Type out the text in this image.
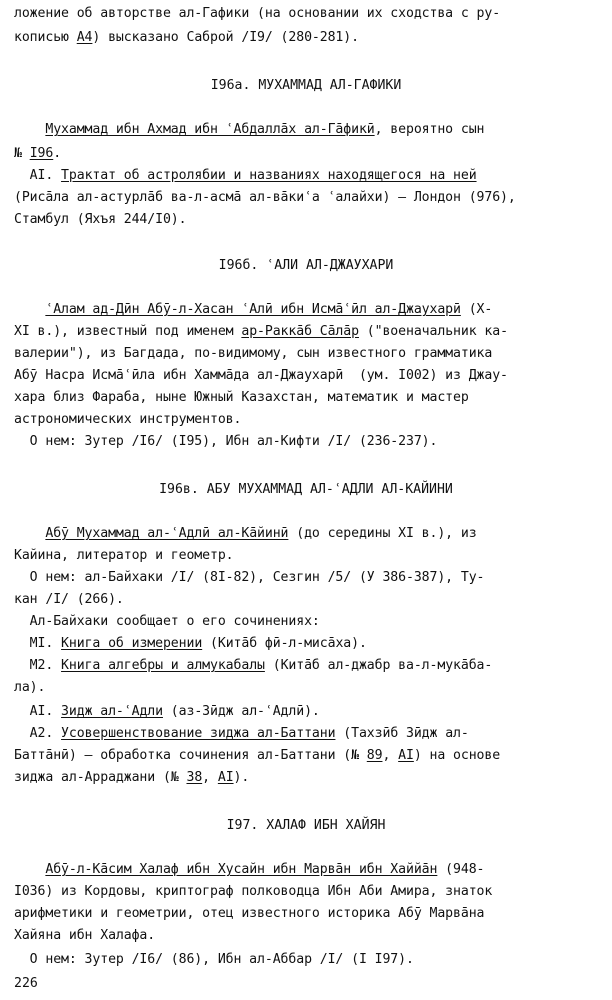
ложение об авторстве ал-Гафики (на основании их сходства с ру-
кописью А4) высказано Саброй /I9/ (280-281).
I96а. МУХАММАД АЛ-ГАФИКИ
Мухаммад ибн Ахмад ибн ʿАбдаллāх ал-Гāфикӣ, вероятно сын
№ I96.
AI. Трактат об астролябии и названиях находящегося на ней
(Рисāла ал-астурлāб ва-л-асмā ал-вāкиʿа ʿалайхи) – Лондон (976),
Стамбул (Яхъя 244/I0).
I96б. ʿАЛИ АЛ-ДЖАУХАРИ
ʿАлам ад-Дӣн Абӯ-л-Хасан ʿАлӣ ибн Исмāʿӣл ал-Джаухарӣ (X-
XI в.), известный под именем ар-Раккāб Сāлāр ("военачальник ка-
валерии"), из Багдада, по-видимому, сын известного грамматика
Абӯ Насра Исмāʿӣла ибн Хаммāда ал-Джаухарӣ  (ум. I002) из Джау-
хара близ Фараба, ныне Южный Казахстан, математик и мастер
астрономических инструментов.
О нем: Зутер /I6/ (I95), Ибн ал-Кифти /I/ (236-237).
I96в. АБУ МУХАММАД АЛ-ʿАДЛИ АЛ-КАЙИНИ
Абӯ Мухаммад ал-ʿАдлӣ ал-Кāйинӣ (до середины XI в.), из
Кайина, литератор и геометр.
О нем: ал-Байхаки /I/ (8I-82), Сезгин /5/ (У 386-387), Ту-
кан /I/ (266).
Ал-Байхаки сообщает о его сочинениях:
MI. Книга об измерении (Китāб фӣ-л-мисāха).
M2. Книга алгебры и алмукабалы (Китāб ал-джабр ва-л-мукāба-
ла).
AI. Зидж ал-ʿАдли (аз-Зӣдж ал-ʿАдлӣ).
A2. Усовершенствование зиджа ал-Баттани (Тахзӣб Зӣдж ал-
Баттāнӣ) – обработка сочинения ал-Баттани (№ 89, AI) на основе
зиджа ал-Арраджани (№ 38, AI).
I97. ХАЛАФ ИБН ХАЙЯН
Абӯ-л-Кāсим Халаф ибн Хусайн ибн Марвāн ибн Хаййāн (948-
I036) из Кордовы, криптограф полководца Ибн Аби Амира, знаток
арифметики и геометрии, отец известного историка Абӯ Марвāна
Хайяна ибн Халафа.
О нем: Зутер /I6/ (86), Ибн ал-Аббар /I/ (I I97).
226
